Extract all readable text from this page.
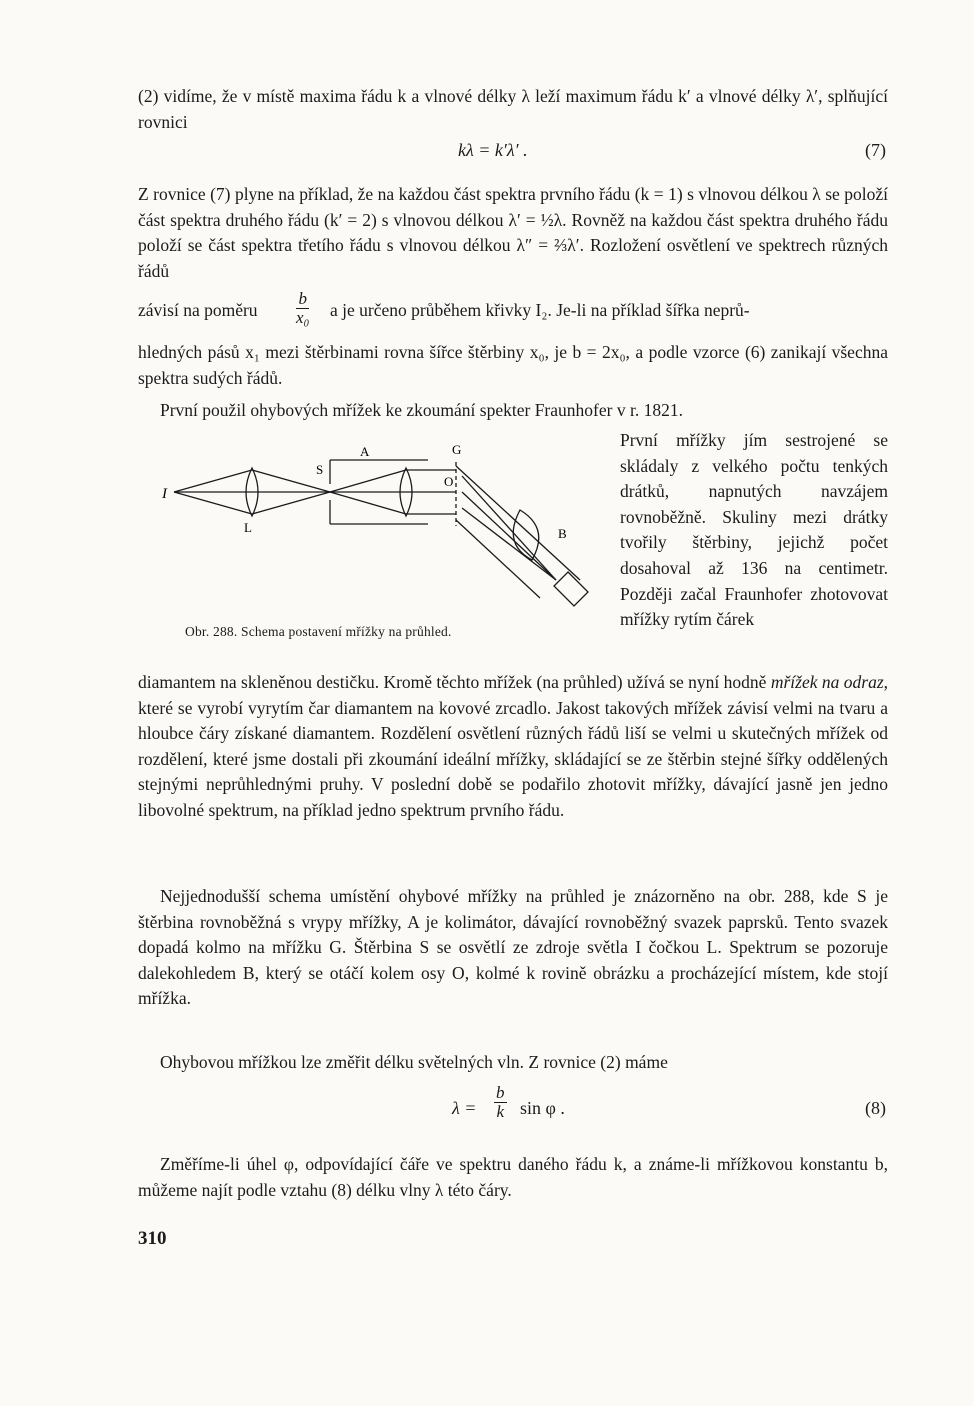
(2) vidíme, že v místě maxima řádu k a vlnové délky λ leží maximum řádu k′ a vlnové délky λ′, splňující rovnici

kλ = k′λ′ .	(7)

Z rovnice (7) plyne na příklad, že na každou část spektra prvního řádu (k = 1) s vlnovou délkou λ se položí část spektra druhého řádu (k′ = 2) s vlnovou délkou λ′ = ½λ. Rovněž na každou část spektra druhého řádu položí se část spektra třetího řádu s vlnovou délkou λ″ = ⅔λ′. Rozložení osvětlení ve spektrech různých řádů

závisí na poměru $\frac{b}{\text{x₀}}$ a je určeno průběhem křivky I₂. Je-li na příklad šířka neprů-

hledných pásů x₁ mezi štěrbinami rovna šířce štěrbiny x₀, je b = 2x₀, a podle vzorce (6) zanikají všechna spektra sudých řádů.

První použil ohybových mřížek ke zkoumání spekter Fraunhofer v r. 1821.

I
L
S
A	G
O
B

První mřížky jím sestrojené se skládaly z velkého počtu tenkých drátků, napnutých navzájem rovnoběžně. Skuliny mezi drátky tvořily štěrbiny, jejichž počet dosahoval až 136 na centimetr. Později začal Fraunhofer zhotovovat mřížky rytím čárek

Obr. 288. Schema postavení mřížky na průhled.

diamantem na skleněnou destičku. Kromě těchto mřížek (na průhled) užívá se nyní hodně mřížek na odraz, které se vyrobí vyrytím čar diamantem na kovové zrcadlo. Jakost takových mřížek závisí velmi na tvaru a hloubce čáry získané diamantem. Rozdělení osvětlení různých řádů liší se velmi u skutečných mřížek od rozdělení, které jsme dostali při zkoumání ideální mřížky, skládající se ze štěrbin stejné šířky oddělených stejnými neprůhlednými pruhy. V poslední době se podařilo zhotovit mřížky, dávající jasně jen jedno libovolné spektrum, na příklad jedno spektrum prvního řádu.

Nejjednodušší schema umístění ohybové mřížky na průhled je znázorněno na obr. 288, kde S je štěrbina rovnoběžná s vrypy mřížky, A je kolimátor, dávající rovnoběžný svazek paprsků. Tento svazek dopadá kolmo na mřížku G. Štěrbina S se osvětlí ze zdroje světla I čočkou L. Spektrum se pozoruje dalekohledem B, který se otáčí kolem osy O, kolmé k rovině obrázku a procházející místem, kde stojí mřížka.

Ohybovou mřížkou lze změřit délku světelných vln. Z rovnice (2) máme

$\lambda = \frac{b}{k}$ sin φ .	(8)

Změříme-li úhel φ, odpovídající čáře ve spektru daného řádu k, a známe-li mřížkovou konstantu b, můžeme najít podle vztahu (8) délku vlny λ této čáry.

310
